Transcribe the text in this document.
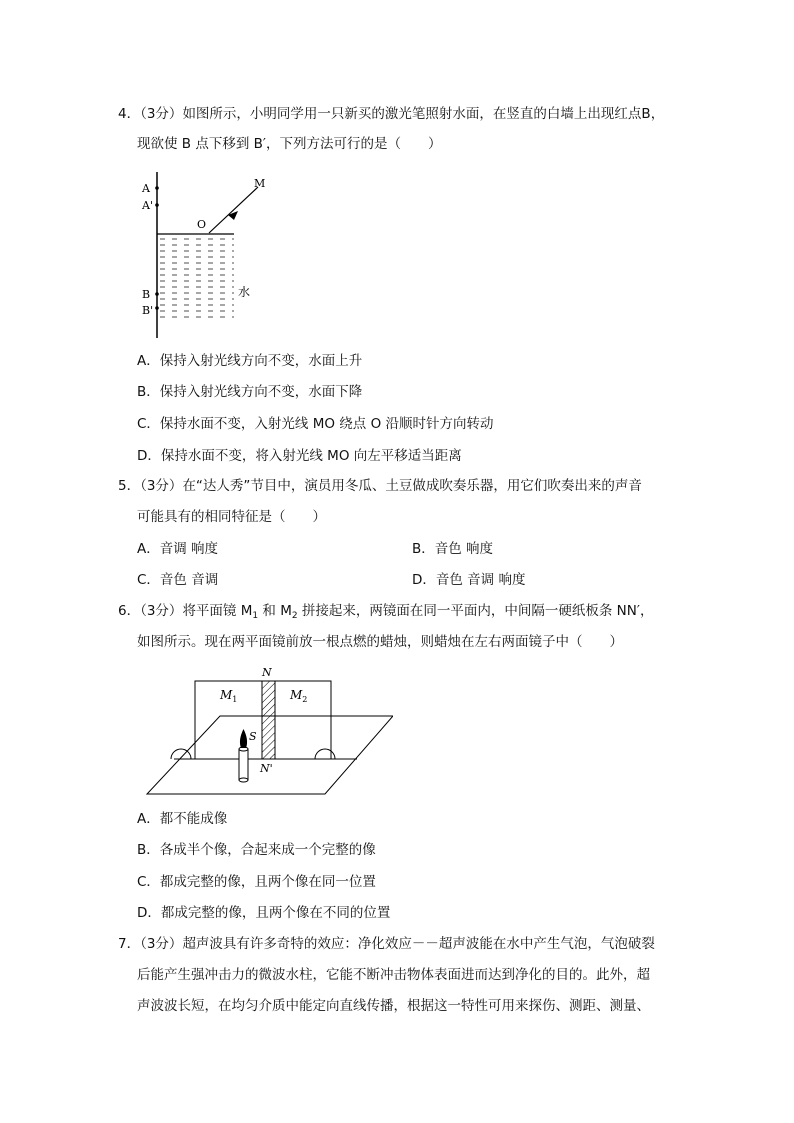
4．（3分）如图所示，小明同学用一只新买的激光笔照射水面，在竖直的白墙上出现红点B，
现欲使 B 点下移到 B′，下列方法可行的是（　　）
A
A'
O
M
B
B'
水
A．保持入射光线方向不变，水面上升
B．保持入射光线方向不变，水面下降
C．保持水面不变，入射光线 MO 绕点 O 沿顺时针方向转动
D．保持水面不变，将入射光线 MO 向左平移适当距离
5．（3分）在“达人秀”节目中，演员用冬瓜、土豆做成吹奏乐器，用它们吹奏出来的声音
可能具有的相同特征是（　　）
A．音调 响度	B．音色 响度
C．音色 音调	D．音色 音调 响度
6．（3分）将平面镜 $M_1$ 和 $M_2$ 拼接起来，两镜面在同一平面内，中间隔一硬纸板条 NN′，
如图所示。现在两平面镜前放一根点燃的蜡烛，则蜡烛在左右两面镜子中（　　）
N
N'
$M_1$	$M_2$
S
A．都不能成像
B．各成半个像，合起来成一个完整的像
C．都成完整的像，且两个像在同一位置
D．都成完整的像，且两个像在不同的位置
7．（3分）超声波具有许多奇特的效应：净化效应－－超声波能在水中产生气泡，气泡破裂
后能产生强冲击力的微波水柱，它能不断冲击物体表面进而达到净化的目的。此外，超
声波波长短，在均匀介质中能定向直线传播，根据这一特性可用来探伤、测距、测量、
